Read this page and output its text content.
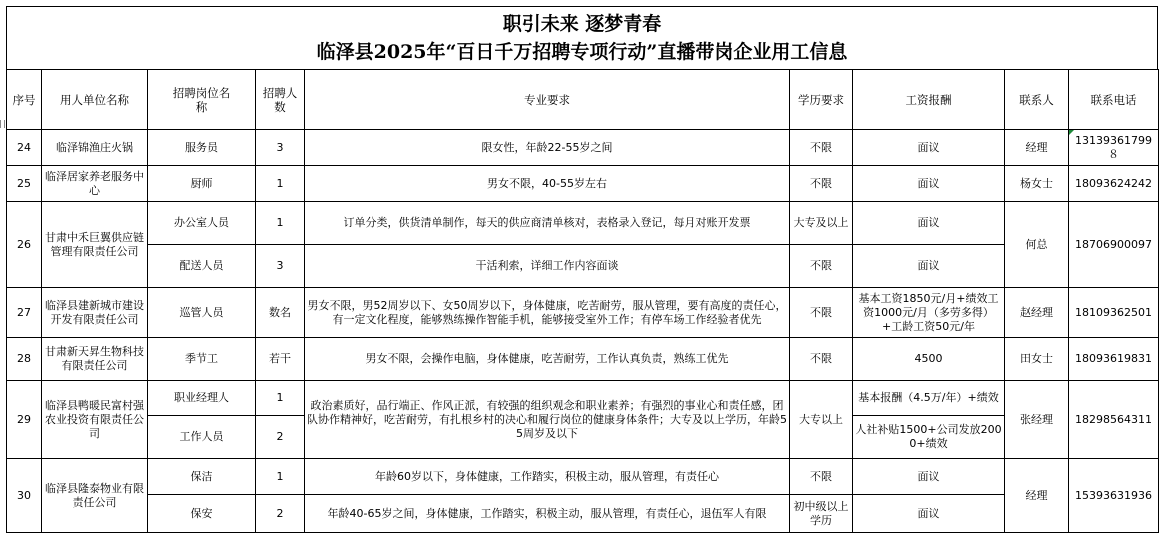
职引未来 逐梦青春
临泽县2025年“百日千万招聘专项行动”直播带岗企业用工信息
序号	用人单位名称	招聘岗位名称	招聘人数	专业要求	学历要求	工资报酬	联系人	联系电话
24	临泽锦渔庄火锅	服务员	3	限女性，年龄22-55岁之间	不限	面议	经理	13139361799８
25	临泽居家养老服务中心	厨师	1	男女不限，40-55岁左右	不限	面议	杨女士	18093624242
26	甘肃中禾巨翼供应链管理有限责任公司	办公室人员	1	订单分类，供货清单制作，每天的供应商清单核对，表格录入登记，每月对账开发票	大专及以上	面议	何总	18706900097
		配送人员	3	干活利索，详细工作内容面谈	不限	面议		
27	临泽县建新城市建设开发有限责任公司	巡管人员	数名	男女不限，男52周岁以下、女50周岁以下，身体健康，吃苦耐劳，服从管理，要有高度的责任心，有一定文化程度，能够熟练操作智能手机，能够接受室外工作；有停车场工作经验者优先	不限	基本工资1850元/月+绩效工资1000元/月（多劳多得）+工龄工资50元/年	赵经理	18109362501
28	甘肃新天昇生物科技有限责任公司	季节工	若干	男女不限，会操作电脑，身体健康，吃苦耐劳，工作认真负责，熟练工优先	不限	4500	田女士	18093619831
29	临泽县鸭暖民富村强农业投资有限责任公司	职业经理人	1	政治素质好，品行端正、作风正派，有较强的组织观念和职业素养；有强烈的事业心和责任感，团队协作精神好，吃苦耐劳，有扎根乡村的决心和履行岗位的健康身体条件；大专及以上学历，年龄55周岁及以下	大专以上	基本报酬（4.5万/年）+绩效	张经理	18298564311
		工作人员	2			人社补贴1500+公司发放2000+绩效		
30	临泽县隆泰物业有限责任公司	保洁	1	年龄60岁以下，身体健康，工作踏实，积极主动，服从管理，有责任心	不限	面议	经理	15393631936
		保安	2	年龄40-65岁之间，身体健康，工作踏实，积极主动，服从管理，有责任心，退伍军人有限	初中级以上学历	面议		
